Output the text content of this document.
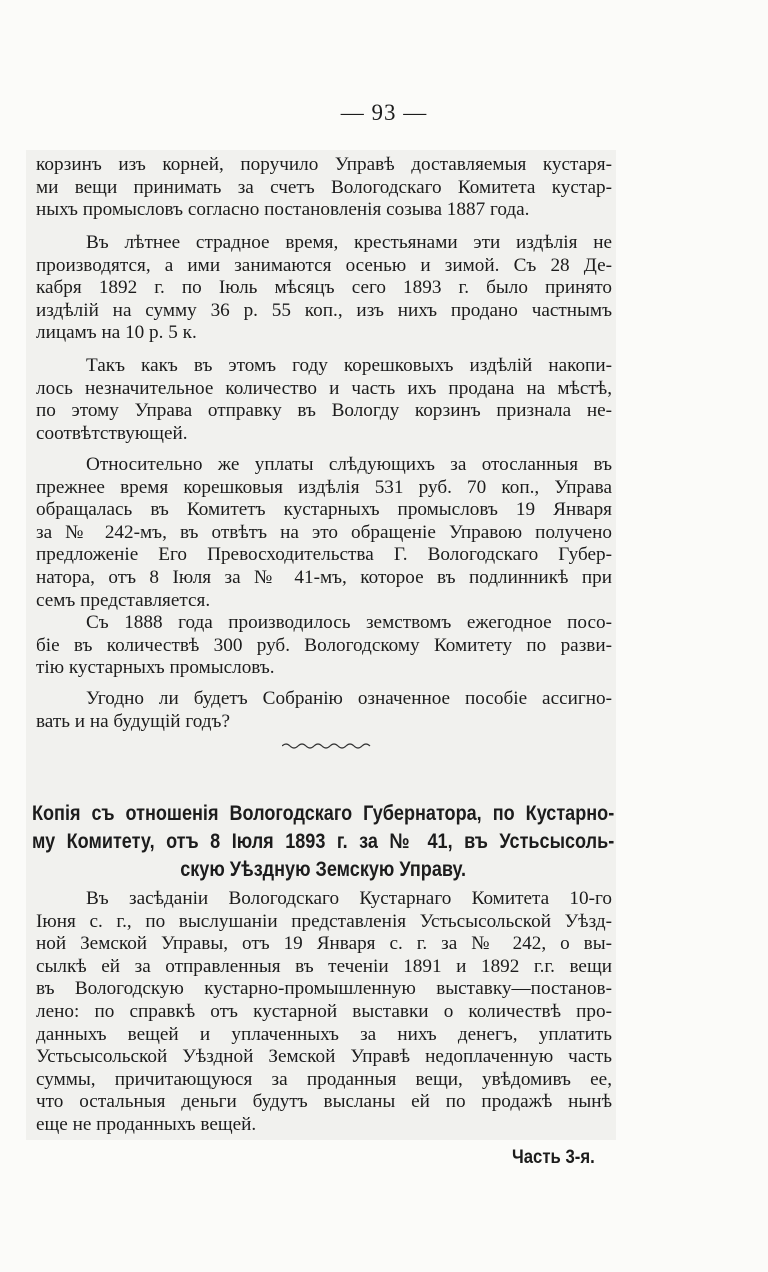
— 93 —
корзинъ изъ корней, поручило Управѣ доставляемыя кустаря-
ми вещи принимать за счетъ Вологодскаго Комитета кустар-
ныхъ промысловъ согласно постановленія созыва 1887 года.
Въ лѣтнее страдное время, крестьянами эти издѣлія не
производятся, а ими занимаются осенью и зимой. Съ 28 Де-
кабря 1892 г. по Іюль мѣсяцъ сего 1893 г. было принято
издѣлій на сумму 36 р. 55 коп., изъ нихъ продано частнымъ
лицамъ на 10 р. 5 к.
Такъ какъ въ этомъ году корешковыхъ издѣлій накопи-
лось незначительное количество и часть ихъ продана на мѣстѣ,
по этому Управа отправку въ Вологду корзинъ признала не-
соотвѣтствующей.
Относительно же уплаты слѣдующихъ за отосланныя въ
прежнее время корешковыя издѣлія 531 руб. 70 коп., Управа
обращалась въ Комитетъ кустарныхъ промысловъ 19 Января
за № 242-мъ, въ отвѣтъ на это обращеніе Управою получено
предложеніе Его Превосходительства Г. Вологодскаго Губер-
натора, отъ 8 Іюля за № 41-мъ, которое въ подлинникѣ при
семъ представляется.
Съ 1888 года производилось земствомъ ежегодное посо-
біе въ количествѣ 300 руб. Вологодскому Комитету по разви-
тію кустарныхъ промысловъ.
Угодно ли будетъ Собранію означенное пособіе ассигно-
вать и на будущій годъ?
Копія съ отношенія Вологодскаго Губернатора, по Кустарно-
му Комитету, отъ 8 Іюля 1893 г. за № 41, въ Устьсысоль-
скую Уѣздную Земскую Управу.
Въ засѣданіи Вологодскаго Кустарнаго Комитета 10-го
Іюня с. г., по выслушаніи представленія Устьсысольской Уѣзд-
ной Земской Управы, отъ 19 Января с. г. за № 242, о вы-
сылкѣ ей за отправленныя въ теченіи 1891 и 1892 г.г. вещи
въ Вологодскую кустарно-промышленную выставку—постанов-
лено: по справкѣ отъ кустарной выставки о количествѣ про-
данныхъ вещей и уплаченныхъ за нихъ денегъ, уплатить
Устьсысольской Уѣздной Земской Управѣ недоплаченную часть
суммы, причитающуюся за проданныя вещи, увѣдомивъ ее,
что остальныя деньги будутъ высланы ей по продажѣ нынѣ
еще не проданныхъ вещей.
Часть 3-я.
